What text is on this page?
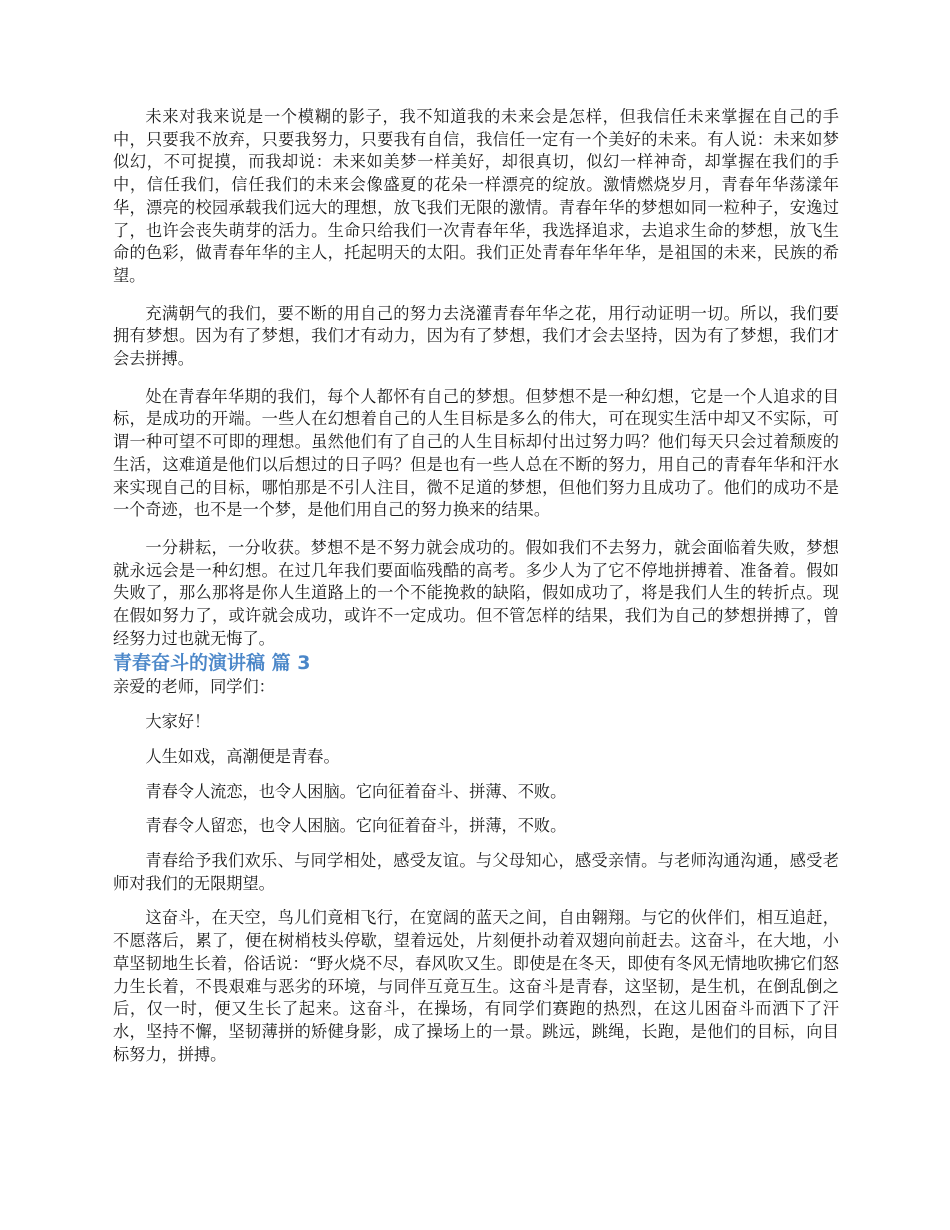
未来对我来说是一个模糊的影子，我不知道我的未来会是怎样，但我信任未来掌握在自己的手中，只要我不放弃，只要我努力，只要我有自信，我信任一定有一个美好的未来。有人说：未来如梦似幻，不可捉摸，而我却说：未来如美梦一样美好，却很真切，似幻一样神奇，却掌握在我们的手中，信任我们，信任我们的未来会像盛夏的花朵一样漂亮的绽放。激情燃烧岁月，青春年华荡漾年华，漂亮的校园承载我们远大的理想，放飞我们无限的激情。青春年华的梦想如同一粒种子，安逸过了，也许会丧失萌芽的活力。生命只给我们一次青春年华，我选择追求，去追求生命的梦想，放飞生命的色彩，做青春年华的主人，托起明天的太阳。我们正处青春年华年华，是祖国的未来，民族的希望。

充满朝气的我们，要不断的用自己的努力去浇灌青春年华之花，用行动证明一切。所以，我们要拥有梦想。因为有了梦想，我们才有动力，因为有了梦想，我们才会去坚持，因为有了梦想，我们才会去拼搏。

处在青春年华期的我们，每个人都怀有自己的梦想。但梦想不是一种幻想，它是一个人追求的目标，是成功的开端。一些人在幻想着自己的人生目标是多么的伟大，可在现实生活中却又不实际，可谓一种可望不可即的理想。虽然他们有了自己的人生目标却付出过努力吗？他们每天只会过着颓废的生活，这难道是他们以后想过的日子吗？但是也有一些人总在不断的努力，用自己的青春年华和汗水来实现自己的目标，哪怕那是不引人注目，微不足道的梦想，但他们努力且成功了。他们的成功不是一个奇迹，也不是一个梦，是他们用自己的努力换来的结果。

一分耕耘，一分收获。梦想不是不努力就会成功的。假如我们不去努力，就会面临着失败，梦想就永远会是一种幻想。在过几年我们要面临残酷的高考。多少人为了它不停地拼搏着、准备着。假如失败了，那么那将是你人生道路上的一个不能挽救的缺陷，假如成功了，将是我们人生的转折点。现在假如努力了，或许就会成功，或许不一定成功。但不管怎样的结果，我们为自己的梦想拼搏了，曾经努力过也就无悔了。

青春奋斗的演讲稿 篇 3

亲爱的老师，同学们：

大家好！

人生如戏，高潮便是青春。

青春令人流恋，也令人困脑。它向征着奋斗、拼薄、不败。

青春令人留恋，也令人困脑。它向征着奋斗，拼薄，不败。

青春给予我们欢乐、与同学相处，感受友谊。与父母知心，感受亲情。与老师沟通沟通，感受老师对我们的无限期望。

这奋斗，在天空，鸟儿们竟相飞行，在宽阔的蓝天之间，自由翱翔。与它的伙伴们，相互追赶，不愿落后，累了，便在树梢枝头停歇，望着远处，片刻便扑动着双翅向前赶去。这奋斗，在大地，小草坚韧地生长着，俗话说：“野火烧不尽，春风吹又生。即使是在冬天，即使有冬风无情地吹拂它们怒力生长着，不畏艰难与恶劣的环境，与同伴互竟互生。这奋斗是青春，这坚韧，是生机，在倒乱倒之后，仅一时，便又生长了起来。这奋斗，在操场，有同学们赛跑的热烈，在这儿困奋斗而洒下了汗水，坚持不懈，坚韧薄拼的矫健身影，成了操场上的一景。跳远，跳绳，长跑，是他们的目标，向目标努力，拼搏。
